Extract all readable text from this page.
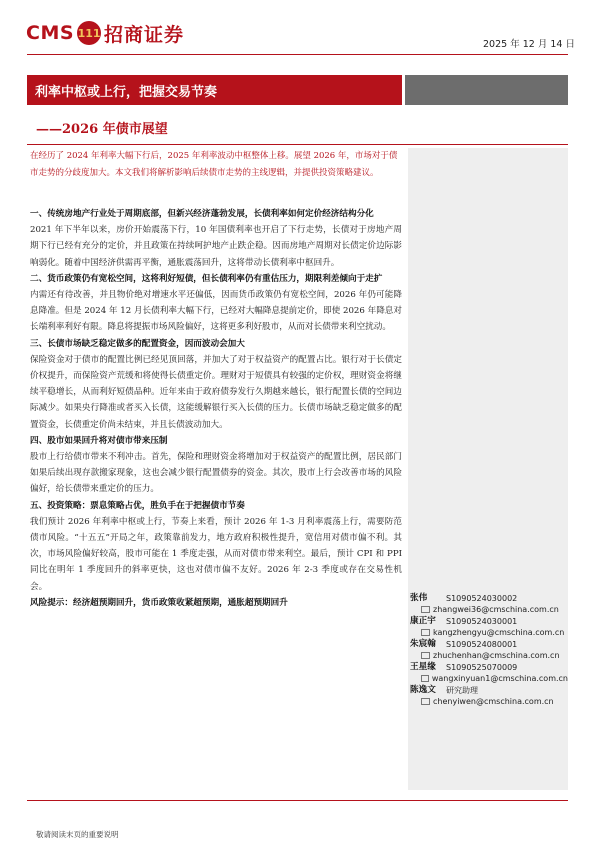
CMS 111 招商证券	2025 年 12 月 14 日
利率中枢或上行，把握交易节奏
——2026 年债市展望
在经历了 2024 年利率大幅下行后，2025 年利率波动中枢整体上移。展望 2026 年，市场对于债市走势的分歧度加大。本文我们将解析影响后续债市走势的主线逻辑，并提供投资策略建议。

一、传统房地产行业处于周期底部，但新兴经济蓬勃发展，长债利率如何定价经济结构分化

2021 年下半年以来，房价开始震荡下行，10 年国债利率也开启了下行走势，长债对于房地产周期下行已经有充分的定价，并且政策在持续呵护地产止跌企稳。因而房地产周期对长债定价边际影响弱化。随着中国经济供需再平衡，通胀震荡回升，这将带动长债利率中枢回升。

二、货币政策仍有宽松空间，这将利好短债，但长债利率仍有重估压力，期限利差倾向于走扩

内需还有待改善，并且物价绝对增速水平还偏低，因而货币政策仍有宽松空间，2026 年仍可能降息降准。但是 2024 年 12 月长债利率大幅下行，已经对大幅降息提前定价，即使 2026 年降息对长端利率利好有限。降息将提振市场风险偏好，这将更多利好股市，从而对长债带来利空扰动。

三、长债市场缺乏稳定做多的配置资金，因而波动会加大

保险资金对于债市的配置比例已经见顶回落，并加大了对于权益资产的配置占比。银行对于长债定价权提升，而保险资产荒缓和将使得长债重定价。理财对于短债具有较强的定价权，理财资金将继续平稳增长，从而利好短债品种。近年来由于政府债券发行久期越来越长，银行配置长债的空间边际减少。如果央行降准或者买入长债，这能缓解银行买入长债的压力。长债市场缺乏稳定做多的配置资金，长债重定价尚未结束，并且长债波动加大。

四、股市如果回升将对债市带来压制

股市上行给债市带来不利冲击。首先，保险和理财资金将增加对于权益资产的配置比例，居民部门如果后续出现存款搬家现象，这也会减少银行配置债券的资金。其次，股市上行会改善市场的风险偏好，给长债带来重定价的压力。

五、投资策略：票息策略占优，胜负手在于把握债市节奏

我们预计 2026 年利率中枢或上行，节奏上来看，预计 2026 年 1-3 月利率震荡上行，需要防范债市风险。“十五五”开局之年，政策靠前发力，地方政府积极性提升，宽信用对债市偏不利。其次，市场风险偏好较高，股市可能在 1 季度走强，从而对债市带来利空。最后，预计 CPI 和 PPI 同比在明年 1 季度回升的斜率更快，这也对债市偏不友好。2026 年 2-3 季度或存在交易性机会。

风险提示：经济超预期回升，货币政策收紧超预期，通胀超预期回升	张伟	S1090524030002
zhangwei36@cmschina.com.cn
康正宇	S1090524030001
kangzhengyu@cmschina.com.cn
朱宸翰	S1090524080001
zhuchenhan@cmschina.com.cn
王星缘	S1090525070009
wangxinyuan1@cmschina.com.cn
陈逸文	研究助理
chenyiwen@cmschina.com.cn
敬请阅读末页的重要说明
